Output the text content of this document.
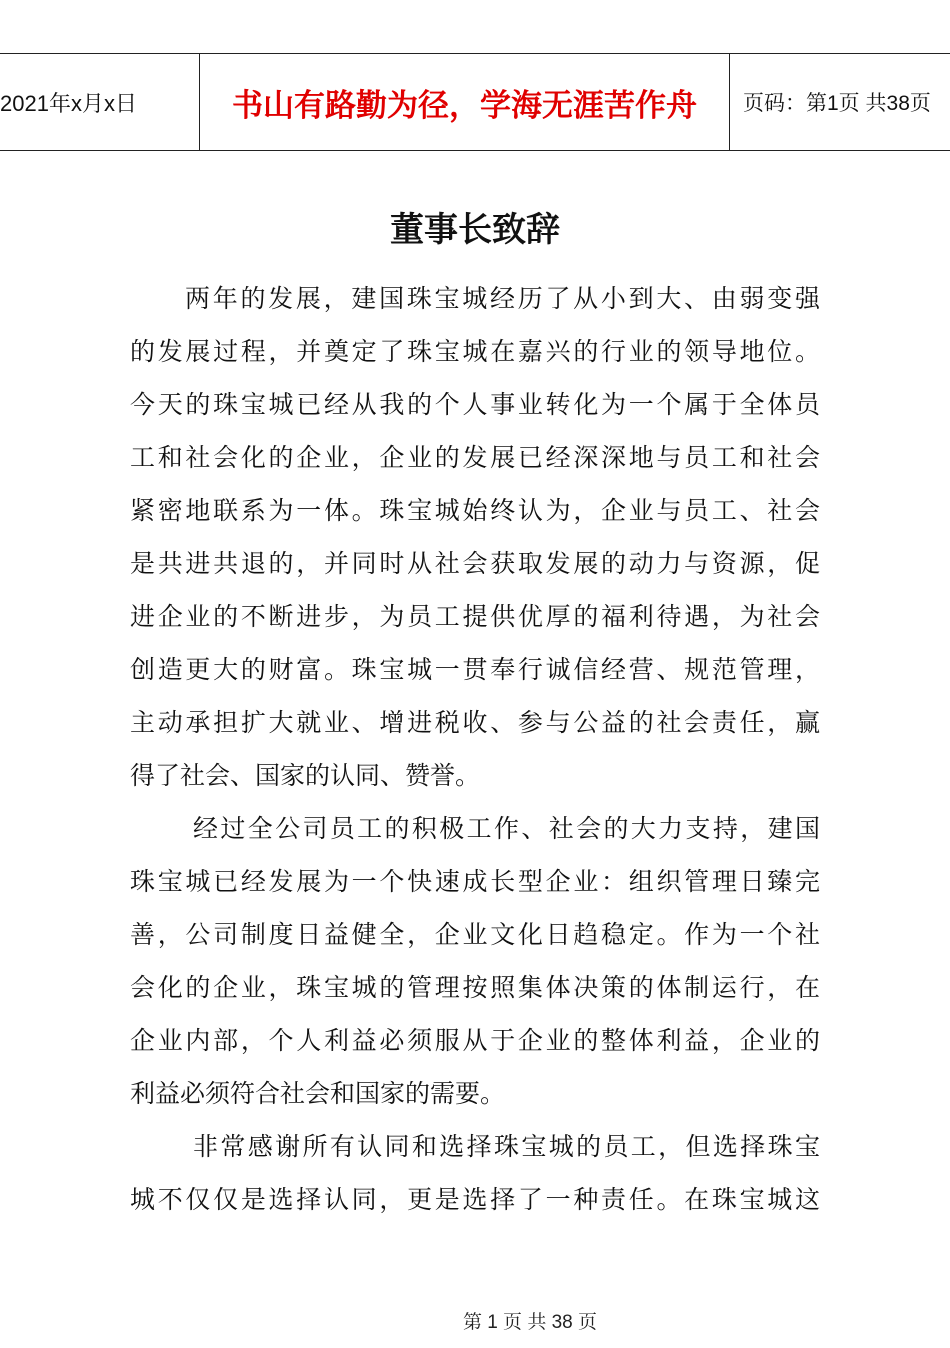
2021年x月x日	书山有路勤为径，学海无涯苦作舟	页码：第1页 共38页
董事长致辞
两年的发展，建国珠宝城经历了从小到大、由弱变强
的发展过程，并奠定了珠宝城在嘉兴的行业的领导地位。
今天的珠宝城已经从我的个人事业转化为一个属于全体员
工和社会化的企业，企业的发展已经深深地与员工和社会
紧密地联系为一体。珠宝城始终认为，企业与员工、社会
是共进共退的，并同时从社会获取发展的动力与资源，促
进企业的不断进步，为员工提供优厚的福利待遇，为社会
创造更大的财富。珠宝城一贯奉行诚信经营、规范管理，
主动承担扩大就业、增进税收、参与公益的社会责任，赢
得了社会、国家的认同、赞誉。
经过全公司员工的积极工作、社会的大力支持，建国
珠宝城已经发展为一个快速成长型企业：组织管理日臻完
善，公司制度日益健全，企业文化日趋稳定。作为一个社
会化的企业，珠宝城的管理按照集体决策的体制运行，在
企业内部，个人利益必须服从于企业的整体利益，企业的
利益必须符合社会和国家的需要。
非常感谢所有认同和选择珠宝城的员工，但选择珠宝
城不仅仅是选择认同，更是选择了一种责任。在珠宝城这
第 1 页 共 38 页
